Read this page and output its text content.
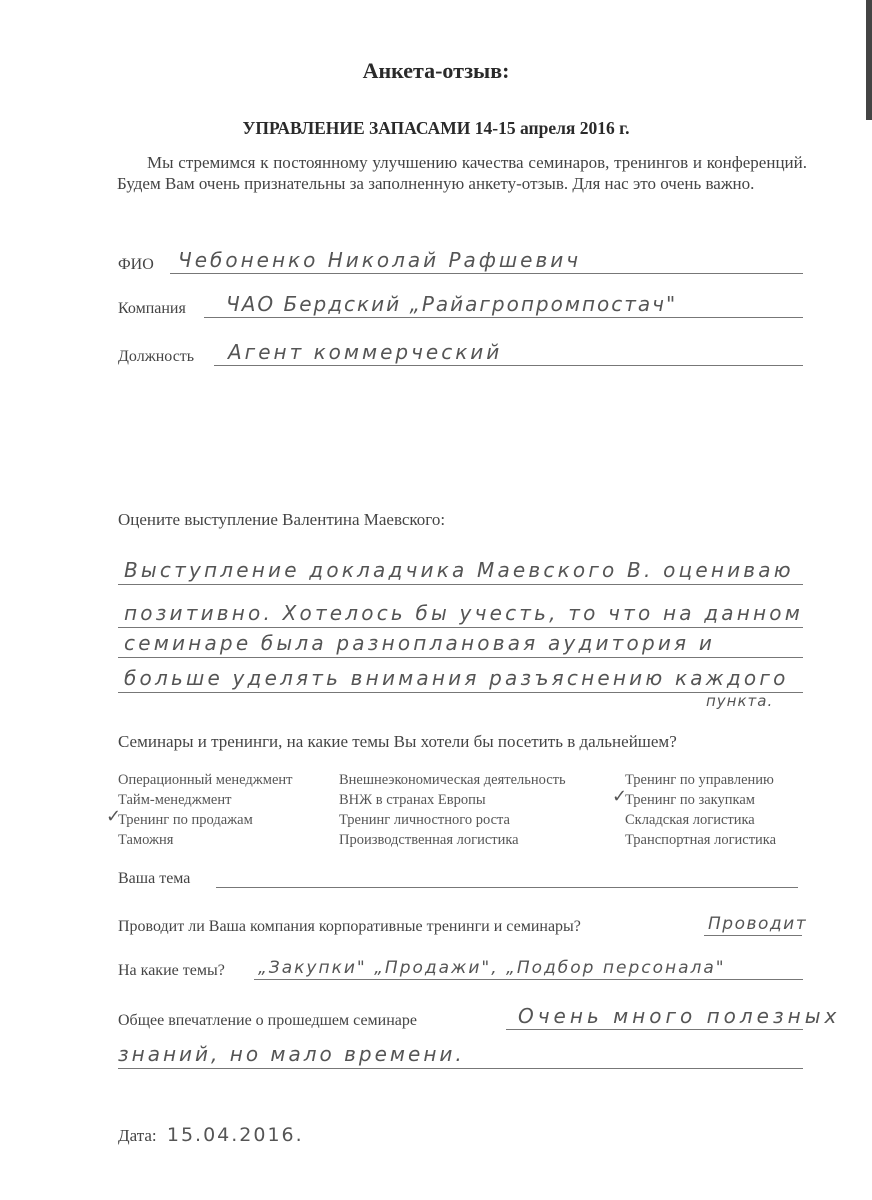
Анкета-отзыв:
УПРАВЛЕНИЕ ЗАПАСАМИ 14-15 апреля 2016 г.
Мы стремимся к постоянному улучшению качества семинаров, тренингов и конференций. Будем Вам очень признательны за заполненную анкету-отзыв. Для нас это очень важно.
ФИО Чебоненко Николай Рафшевич
Компания ЧАО Бердский „Райагропромпостач"
Должность Агент коммерческий
Оцените выступление Валентина Маевского:
Выступление докладчика Маевского В. оцениваю
позитивно. Хотелось бы учесть, то что на данном
семинаре была разноплановая аудитория и
больше уделять внимания разъяснению каждого
пункта.
Семинары и тренинги, на какие темы Вы хотели бы посетить в дальнейшем?
Операционный менеджмент
Тайм-менеджмент
✓
Тренинг по продажам
Таможня
Внешнеэкономическая деятельность
ВНЖ в странах Европы
Тренинг личностного роста
Производственная логистика
Тренинг по управлению
✓
Тренинг по закупкам
Складская логистика
Транспортная логистика
Ваша тема
Проводит ли Ваша компания корпоративные тренинги и семинары?	Проводит
На какие темы? „Закупки" „Продажи", „Подбор персонала"
Общее впечатление о прошедшем семинаре	Очень много полезных
знаний, но мало времени.
Дата: 15.04.2016.
